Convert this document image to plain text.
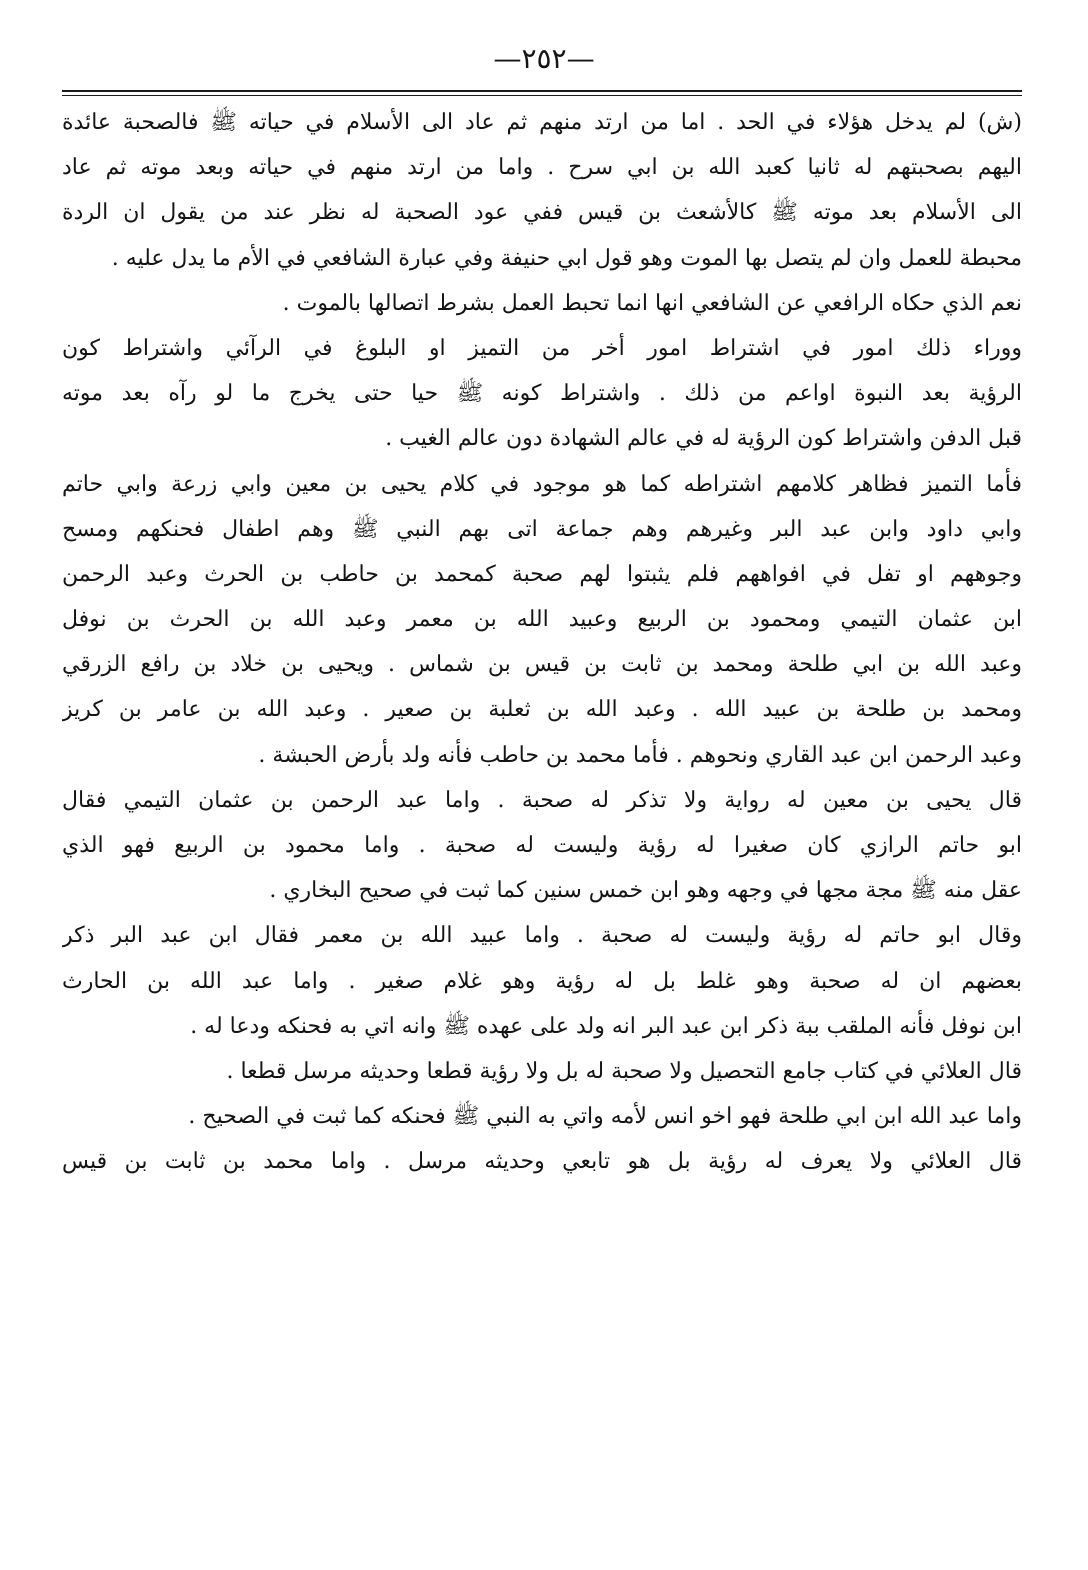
—٢٥٢—
(ش) لم يدخل هؤلاء في الحد . اما من ارتد منهم ثم عاد الى الأسلام في حياته ﷺ فالصحبة عائدة
اليهم بصحبتهم له ثانيا كعبد الله بن ابي سرح . واما من ارتد منهم في حياته وبعد موته ثم عاد
الى الأسلام بعد موته ﷺ كالأشعث بن قيس ففي عود الصحبة له نظر عند من يقول ان الردة
محبطة للعمل وان لم يتصل بها الموت وهو قول ابي حنيفة وفي عبارة الشافعي في الأم ما يدل عليه .
نعم الذي حكاه الرافعي عن الشافعي انها انما تحبط العمل بشرط اتصالها بالموت .
ووراء ذلك امور في اشتراط امور أخر من التميز او البلوغ في الرآئي واشتراط كون
الرؤية بعد النبوة اواعم من ذلك . واشتراط كونه ﷺ حيا حتى يخرج ما لو رآه بعد موته
قبل الدفن واشتراط كون الرؤية له في عالم الشهادة دون عالم الغيب .
فأما التميز فظاهر كلامهم اشتراطه كما هو موجود في كلام يحيى بن معين وابي زرعة وابي حاتم
وابي داود وابن عبد البر وغيرهم وهم جماعة اتى بهم النبي ﷺ وهم اطفال فحنكهم ومسح
وجوههم او تفل في افواههم فلم يثبتوا لهم صحبة كمحمد بن حاطب بن الحرث وعبد الرحمن
ابن عثمان التيمي ومحمود بن الربيع وعبيد الله بن معمر وعبد الله بن الحرث بن نوفل
وعبد الله بن ابي طلحة ومحمد بن ثابت بن قيس بن شماس . ويحيى بن خلاد بن رافع الزرقي
ومحمد بن طلحة بن عبيد الله . وعبد الله بن ثعلبة بن صعير . وعبد الله بن عامر بن كريز
وعبد الرحمن ابن عبد القاري ونحوهم . فأما محمد بن حاطب فأنه ولد بأرض الحبشة .
قال يحيى بن معين له رواية ولا تذكر له صحبة . واما عبد الرحمن بن عثمان التيمي فقال
ابو حاتم الرازي كان صغيرا له رؤية وليست له صحبة . واما محمود بن الربيع فهو الذي
عقل منه ﷺ مجة مجها في وجهه وهو ابن خمس سنين كما ثبت في صحيح البخاري .
وقال ابو حاتم له رؤية وليست له صحبة . واما عبيد الله بن معمر فقال ابن عبد البر ذكر
بعضهم ان له صحبة وهو غلط بل له رؤية وهو غلام صغير . واما عبد الله بن الحارث
ابن نوفل فأنه الملقب ببة ذكر ابن عبد البر انه ولد على عهده ﷺ وانه اتي به فحنكه ودعا له .
قال العلائي في كتاب جامع التحصيل ولا صحبة له بل ولا رؤية قطعا وحديثه مرسل قطعا .
واما عبد الله ابن ابي طلحة فهو اخو انس لأمه واتي به النبي ﷺ فحنكه كما ثبت في الصحيح .
قال العلائي ولا يعرف له رؤية بل هو تابعي وحديثه مرسل . واما محمد بن ثابت بن قيس
